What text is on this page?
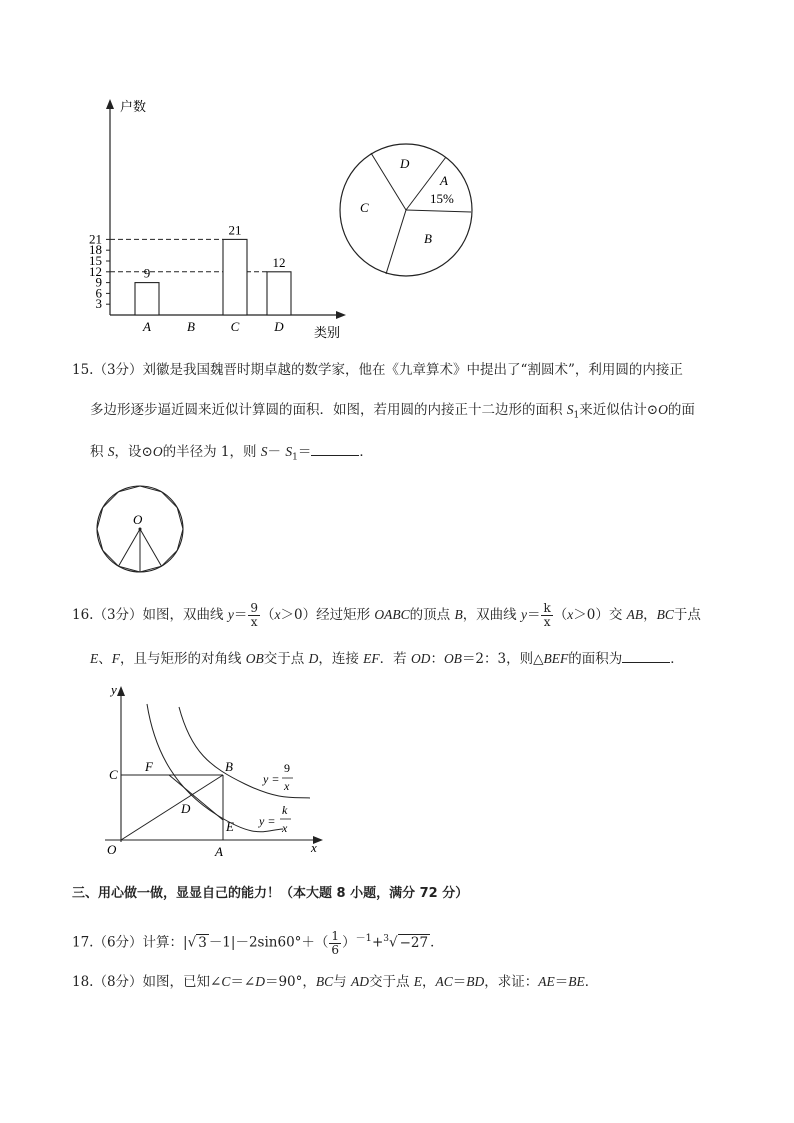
户数
类别
3
6
9
12
15
18
21
9
21
12
A	B	C	D
D
A
15%
C
B
15.（3分）刘徽是我国魏晋时期卓越的数学家，他在《九章算术》中提出了“割圆术”，利用圆的内接正
多边形逐步逼近圆来近似计算圆的面积．如图，若用圆的内接正十二边形的面积 $S_1$来近似估计⊙O的面
积 S，设⊙O的半径为 1，则 $S- S_1=$	．
O
16.（3分）如图，双曲线 $y= \frac{9}{x} (x>0)$经过矩形 OABC的顶点 B，双曲线 $y= \frac{k}{x} (x>0)$交 AB，BC于点
E、F，且与矩形的对角线 OB交于点 D，连接 EF．若 OD：OB＝2：3，则△BEF的面积为	．
y
x
O	A
C
F	B
D
E
y =
9
x
y =
k
x
三、用心做一做，显显自己的能力！（本大题 8 小题，满分 72 分）
17.（6分）计算：|√ $3 -1|-2\sin 60^\circ+( \frac{1}{6} )^{-1}+^3√ -27$ ．
18.（8分）如图，已知∠C＝∠D＝90°，BC与 AD交于点 E，AC＝BD，求证：AE＝BE．
